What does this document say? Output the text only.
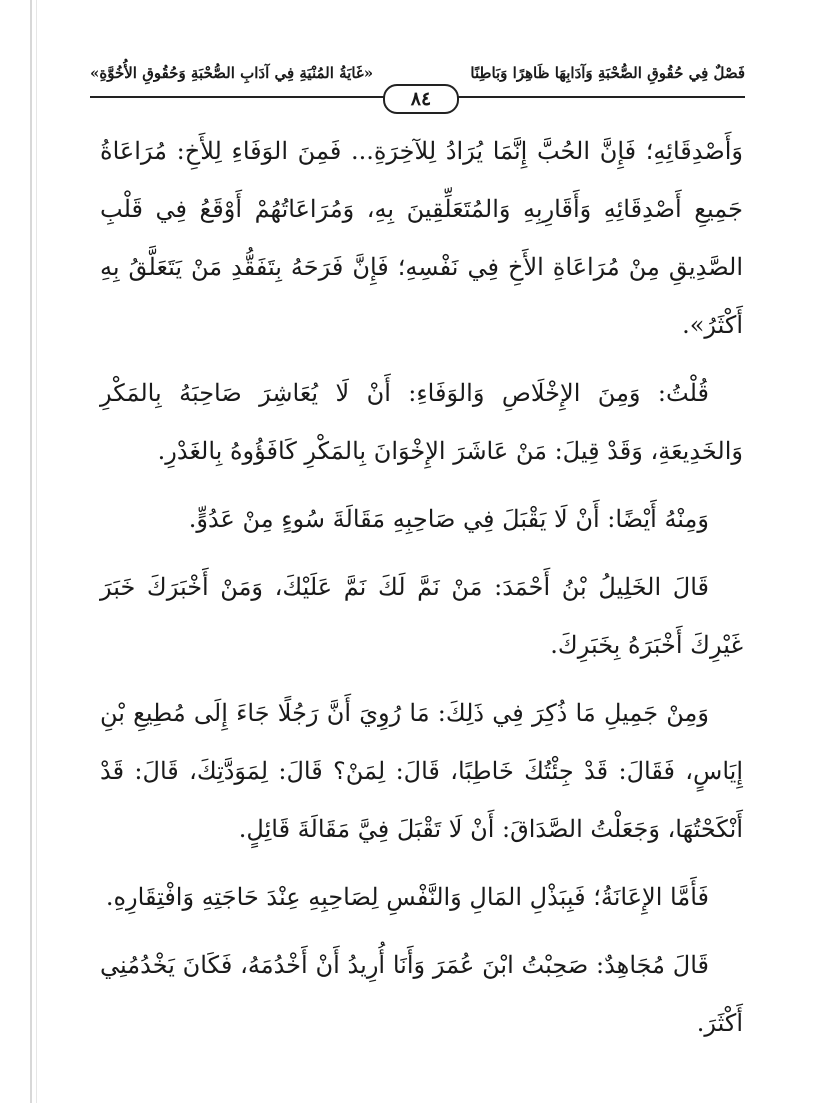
فَصْلٌ فِي حُقُوقِ الصُّحْبَةِ وَآدَابِهَا ظَاهِرًا وَبَاطِنًا
«غَايَةُ المُنْيَةِ فِي آدَابِ الصُّحْبَةِ وَحُقُوقِ الأُخُوَّةِ»
٨٤

وَأَصْدِقَائِهِ؛ فَإِنَّ الحُبَّ إِنَّمَا يُرَادُ لِلآخِرَةِ... فَمِنَ الوَفَاءِ لِلأَخِ: مُرَاعَاةُ جَمِيعِ أَصْدِقَائِهِ وَأَقَارِبِهِ وَالمُتَعَلِّقِينَ بِهِ، وَمُرَاعَاتُهُمْ أَوْقَعُ فِي قَلْبِ الصَّدِيقِ مِنْ مُرَاعَاةِ الأَخِ فِي نَفْسِهِ؛ فَإِنَّ فَرَحَهُ بِتَفَقُّدِ مَنْ يَتَعَلَّقُ بِهِ أَكْثَرُ».

قُلْتُ: وَمِنَ الإِخْلَاصِ وَالوَفَاءِ: أَنْ لَا يُعَاشِرَ صَاحِبَهُ بِالمَكْرِ وَالخَدِيعَةِ، وَقَدْ قِيلَ: مَنْ عَاشَرَ الإِخْوَانَ بِالمَكْرِ كَافَؤُوهُ بِالغَدْرِ.

وَمِنْهُ أَيْضًا: أَنْ لَا يَقْبَلَ فِي صَاحِبِهِ مَقَالَةَ سُوءٍ مِنْ عَدُوٍّ.

قَالَ الخَلِيلُ بْنُ أَحْمَدَ: مَنْ نَمَّ لَكَ نَمَّ عَلَيْكَ، وَمَنْ أَخْبَرَكَ خَبَرَ غَيْرِكَ أَخْبَرَهُ بِخَبَرِكَ.

وَمِنْ جَمِيلِ مَا ذُكِرَ فِي ذَلِكَ: مَا رُوِيَ أَنَّ رَجُلًا جَاءَ إِلَى مُطِيعِ بْنِ إِيَاسٍ، فَقَالَ: قَدْ جِئْتُكَ خَاطِبًا، قَالَ: لِمَنْ؟ قَالَ: لِمَوَدَّتِكَ، قَالَ: قَدْ أَنْكَحْتُهَا، وَجَعَلْتُ الصَّدَاقَ: أَنْ لَا تَقْبَلَ فِيَّ مَقَالَةَ قَائِلٍ.

فَأَمَّا الإِعَانَةُ؛ فَبِبَذْلِ المَالِ وَالنَّفْسِ لِصَاحِبِهِ عِنْدَ حَاجَتِهِ وَافْتِقَارِهِ.

قَالَ مُجَاهِدٌ: صَحِبْتُ ابْنَ عُمَرَ وَأَنَا أُرِيدُ أَنْ أَخْدُمَهُ، فَكَانَ يَخْدُمُنِي أَكْثَرَ.
